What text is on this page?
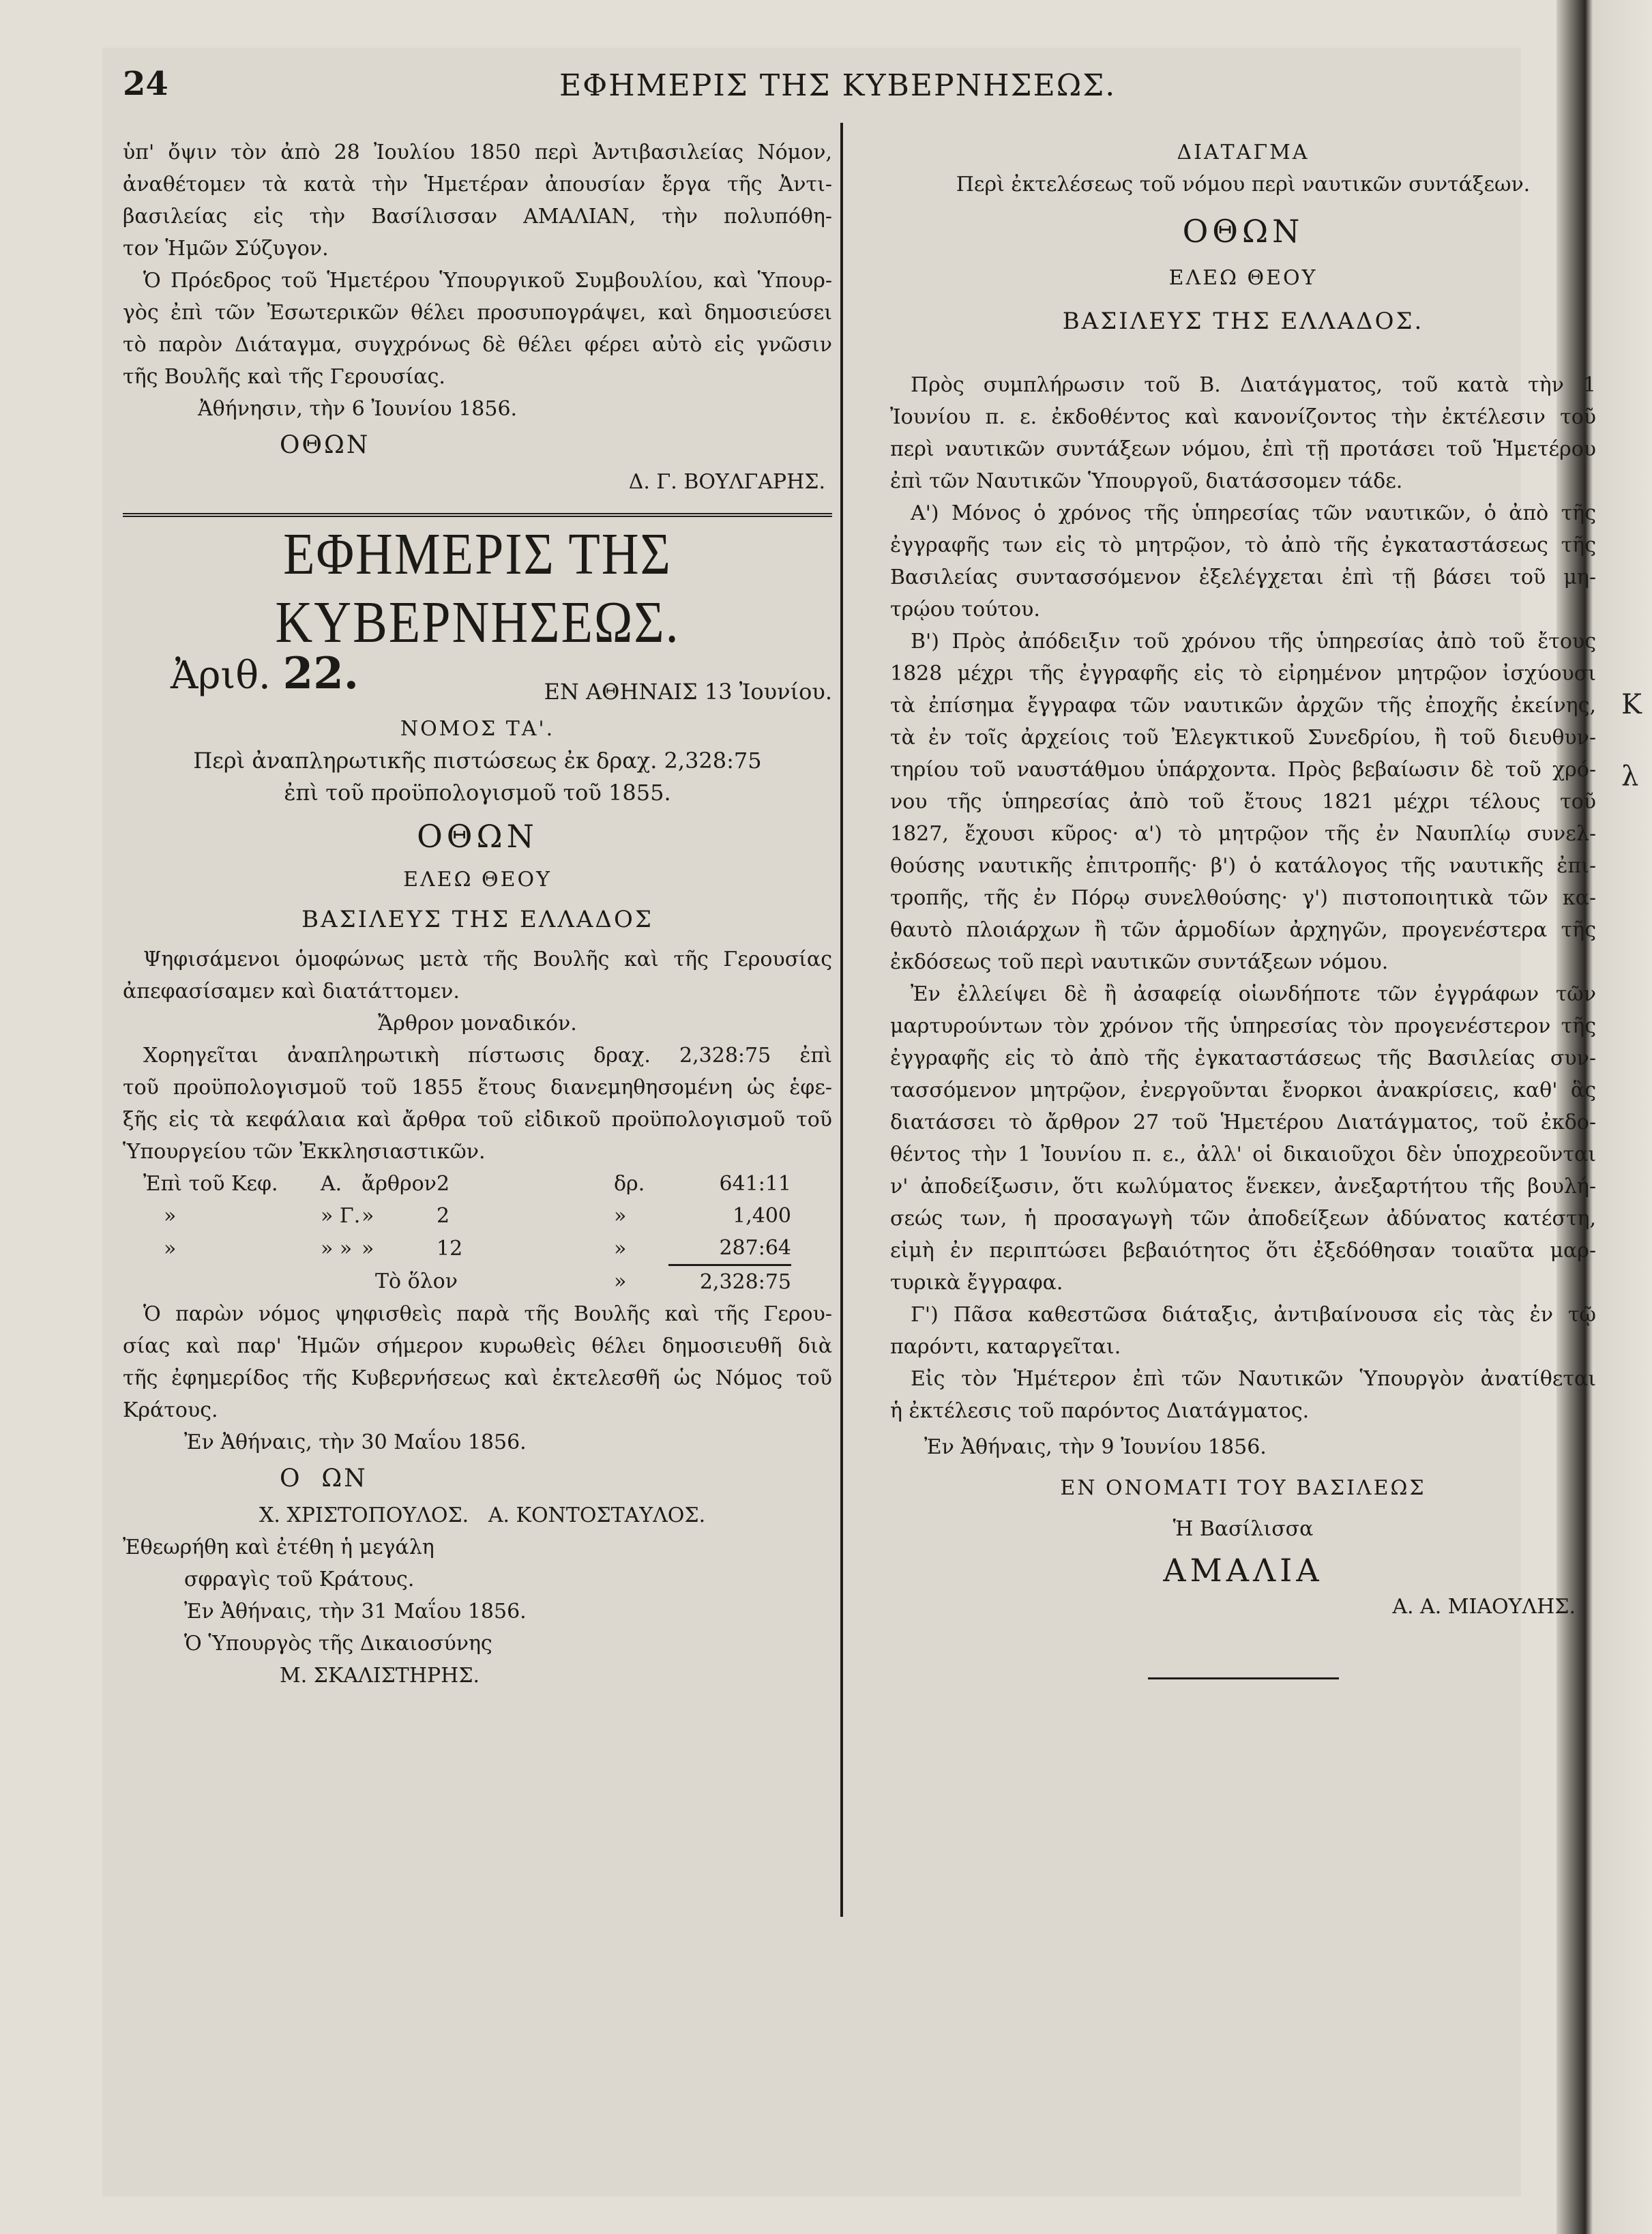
Κ
λ
24	ΕΦΗΜΕΡΙΣ ΤΗΣ ΚΥΒΕΡΝΗΣΕΩΣ.
ὑπ' ὄψιν τὸν ἀπὸ 28 Ἰουλίου 1850 περὶ Ἀντιβασιλείας Νόμον,
ἀναθέτομεν τὰ κατὰ τὴν Ἡμετέραν ἀπουσίαν ἔργα τῆς Ἀντι-
βασιλείας εἰς τὴν Βασίλισσαν ΑΜΑΛΙΑΝ, τὴν πολυπόθη-
τον Ἡμῶν Σύζυγον.
Ὁ Πρόεδρος τοῦ Ἡμετέρου Ὑπουργικοῦ Συμβουλίου, καὶ Ὑπουρ-
γὸς ἐπὶ τῶν Ἐσωτερικῶν θέλει προσυπογράψει, καὶ δημοσιεύσει
τὸ παρὸν Διάταγμα, συγχρόνως δὲ θέλει φέρει αὐτὸ εἰς γνῶσιν
τῆς Βουλῆς καὶ τῆς Γερουσίας.
Ἀθήνησιν, τὴν 6 Ἰουνίου 1856.
ΟΘΩΝ
Δ. Γ. ΒΟΥΛΓΑΡΗΣ.
ΕΦΗΜΕΡΙΣ ΤΗΣ ΚΥΒΕΡΝΗΣΕΩΣ.
Ἀριθ. 22.	ΕΝ ΑΘΗΝΑΙΣ 13 Ἰουνίου.
ΝΟΜΟΣ ΤΑ'.
Περὶ ἀναπληρωτικῆς πιστώσεως ἐκ δραχ. 2,328:75
ἐπὶ τοῦ προϋπολογισμοῦ τοῦ 1855.
ΟΘΩΝ
ΕΛΕΩ ΘΕΟΥ
ΒΑΣΙΛΕΥΣ ΤΗΣ ΕΛΛΑΔΟΣ
Ψηφισάμενοι ὁμοφώνως μετὰ τῆς Βουλῆς καὶ τῆς Γερουσίας
ἀπεφασίσαμεν καὶ διατάττομεν.
Ἄρθρον μοναδικόν.
Χορηγεῖται ἀναπληρωτικὴ πίστωσις δραχ. 2,328:75 ἐπὶ
τοῦ προϋπολογισμοῦ τοῦ 1855 ἔτους διανεμηθησομένη ὡς ἑφε-
ξῆς εἰς τὰ κεφάλαια καὶ ἄρθρα τοῦ εἰδικοῦ προϋπολογισμοῦ τοῦ
Ὑπουργείου τῶν Ἐκκλησιαστικῶν.
Ἐπὶ τοῦ Κεφ.	Α.	ἄρθρον	2	δρ.	641:11
»	» Γ.	»	2	»	1,400
»	» »	»	12	»	287:64
Τὸ ὅλον				»	2,328:75
Ὁ παρὼν νόμος ψηφισθεὶς παρὰ τῆς Βουλῆς καὶ τῆς Γερου-
σίας καὶ παρ' Ἡμῶν σήμερον κυρωθεὶς θέλει δημοσιευθῆ διὰ
τῆς ἐφημερίδος τῆς Κυβερνήσεως καὶ ἐκτελεσθῆ ὡς Νόμος τοῦ
Κράτους.
Ἐν Ἀθήναις, τὴν 30 Μαΐου 1856.
Ο  ΩΝ
Χ. ΧΡΙΣΤΟΠΟΥΛΟΣ.   Α. ΚΟΝΤΟΣΤΑΥΛΟΣ.
Ἐθεωρήθη καὶ ἐτέθη ἡ μεγάλη
σφραγὶς τοῦ Κράτους.
Ἐν Ἀθήναις, τὴν 31 Μαΐου 1856.
Ὁ Ὑπουργὸς τῆς Δικαιοσύνης
Μ. ΣΚΑΛΙΣΤΗΡΗΣ.
ΔΙΑΤΑΓΜΑ
Περὶ ἐκτελέσεως τοῦ νόμου περὶ ναυτικῶν συντάξεων.
ΟΘΩΝ
ΕΛΕΩ ΘΕΟΥ
ΒΑΣΙΛΕΥΣ ΤΗΣ ΕΛΛΑΔΟΣ.
Πρὸς συμπλήρωσιν τοῦ Β. Διατάγματος, τοῦ κατὰ τὴν 1
Ἰουνίου π. ε. ἐκδοθέντος καὶ κανονίζοντος τὴν ἐκτέλεσιν τοῦ
περὶ ναυτικῶν συντάξεων νόμου, ἐπὶ τῇ προτάσει τοῦ Ἡμετέρου
ἐπὶ τῶν Ναυτικῶν Ὑπουργοῦ, διατάσσομεν τάδε.
Α') Μόνος ὁ χρόνος τῆς ὑπηρεσίας τῶν ναυτικῶν, ὁ ἀπὸ τῆς
ἐγγραφῆς των εἰς τὸ μητρῷον, τὸ ἀπὸ τῆς ἐγκαταστάσεως τῆς
Βασιλείας συντασσόμενον ἐξελέγχεται ἐπὶ τῇ βάσει τοῦ μη-
τρῴου τούτου.
Β') Πρὸς ἀπόδειξιν τοῦ χρόνου τῆς ὑπηρεσίας ἀπὸ τοῦ ἔτους
1828 μέχρι τῆς ἐγγραφῆς εἰς τὸ εἰρημένον μητρῷον ἰσχύουσι
τὰ ἐπίσημα ἔγγραφα τῶν ναυτικῶν ἀρχῶν τῆς ἐποχῆς ἐκείνης,
τὰ ἐν τοῖς ἀρχείοις τοῦ Ἐλεγκτικοῦ Συνεδρίου, ἢ τοῦ διευθυν-
τηρίου τοῦ ναυστάθμου ὑπάρχοντα. Πρὸς βεβαίωσιν δὲ τοῦ χρό-
νου τῆς ὑπηρεσίας ἀπὸ τοῦ ἔτους 1821 μέχρι τέλους τοῦ
1827, ἔχουσι κῦρος· α') τὸ μητρῷον τῆς ἐν Ναυπλίῳ συνελ-
θούσης ναυτικῆς ἐπιτροπῆς· β') ὁ κατάλογος τῆς ναυτικῆς ἐπι-
τροπῆς, τῆς ἐν Πόρῳ συνελθούσης· γ') πιστοποιητικὰ τῶν κα-
θαυτὸ πλοιάρχων ἢ τῶν ἁρμοδίων ἀρχηγῶν, προγενέστερα τῆς
ἐκδόσεως τοῦ περὶ ναυτικῶν συντάξεων νόμου.
Ἐν ἐλλείψει δὲ ἢ ἀσαφείᾳ οἱωνδήποτε τῶν ἐγγράφων τῶν
μαρτυρούντων τὸν χρόνον τῆς ὑπηρεσίας τὸν προγενέστερον τῆς
ἐγγραφῆς εἰς τὸ ἀπὸ τῆς ἐγκαταστάσεως τῆς Βασιλείας συν-
τασσόμενον μητρῷον, ἐνεργοῦνται ἔνορκοι ἀνακρίσεις, καθ' ἃς
διατάσσει τὸ ἄρθρον 27 τοῦ Ἡμετέρου Διατάγματος, τοῦ ἐκδο-
θέντος τὴν 1 Ἰουνίου π. ε., ἀλλ' οἱ δικαιοῦχοι δὲν ὑποχρεοῦνται
ν' ἀποδείξωσιν, ὅτι κωλύματος ἕνεκεν, ἀνεξαρτήτου τῆς βουλή-
σεώς των, ἡ προσαγωγὴ τῶν ἀποδείξεων ἀδύνατος κατέστη,
εἰμὴ ἐν περιπτώσει βεβαιότητος ὅτι ἐξεδόθησαν τοιαῦτα μαρ-
τυρικὰ ἔγγραφα.
Γ') Πᾶσα καθεστῶσα διάταξις, ἀντιβαίνουσα εἰς τὰς ἐν τῷ
παρόντι, καταργεῖται.
Εἰς τὸν Ἡμέτερον ἐπὶ τῶν Ναυτικῶν Ὑπουργὸν ἀνατίθεται
ἡ ἐκτέλεσις τοῦ παρόντος Διατάγματος.
Ἐν Ἀθήναις, τὴν 9 Ἰουνίου 1856.
ΕΝ ΟΝΟΜΑΤΙ ΤΟΥ ΒΑΣΙΛΕΩΣ
Ἡ Βασίλισσα
ΑΜΑΛΙΑ
Α. Α. ΜΙΑΟΥΛΗΣ.
